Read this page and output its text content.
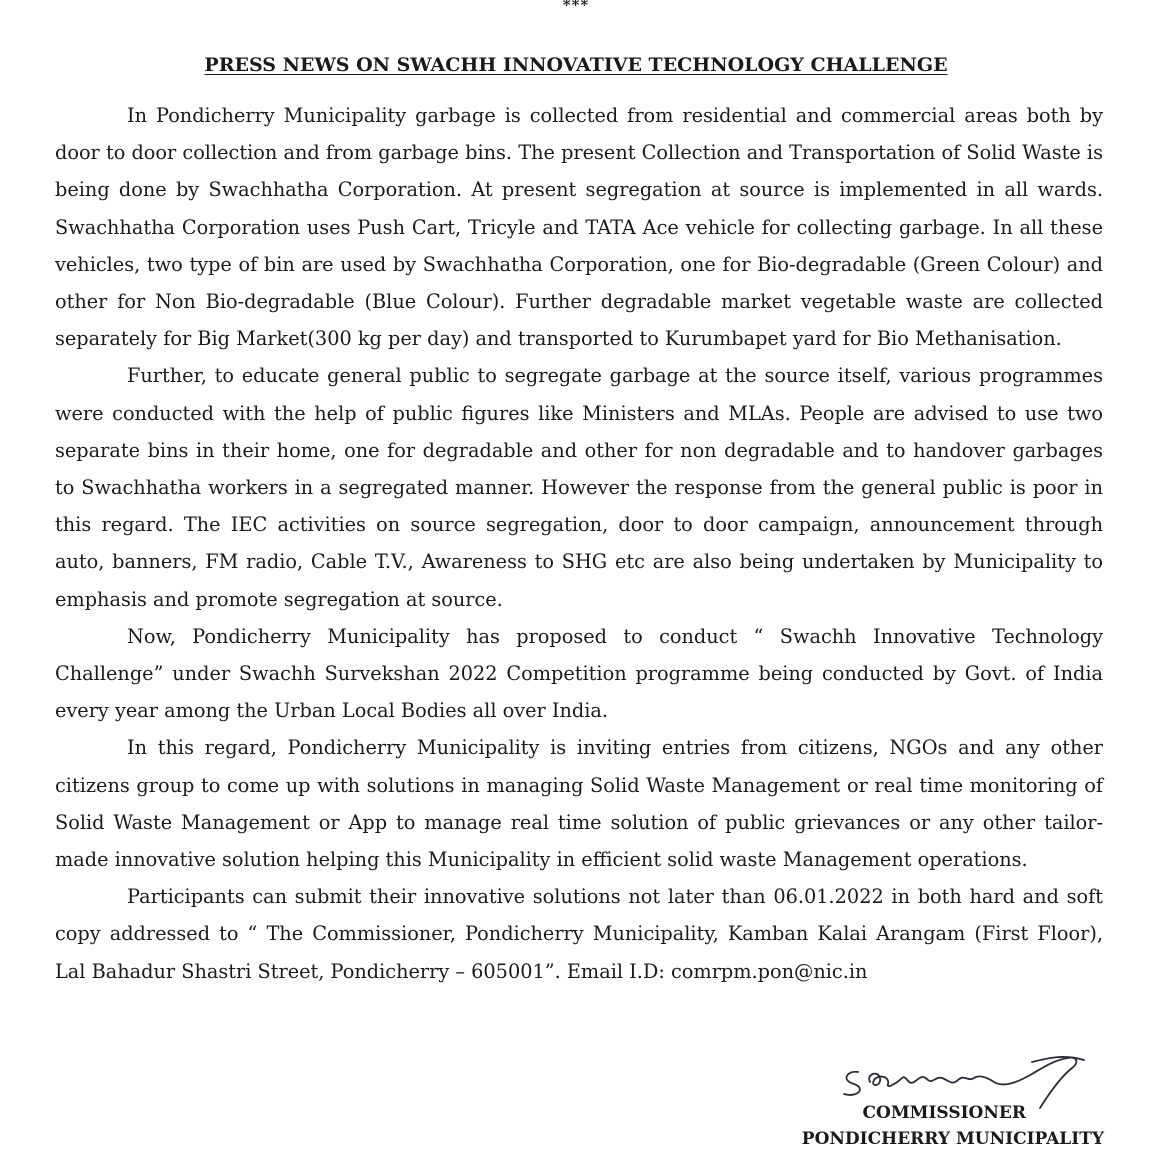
***
PRESS NEWS ON SWACHH INNOVATIVE TECHNOLOGY CHALLENGE

In Pondicherry Municipality garbage is collected from residential and commercial areas both by door to door collection and from garbage bins. The present Collection and Transportation of Solid Waste is being done by Swachhatha Corporation. At present segregation at source is implemented in all wards. Swachhatha Corporation uses Push Cart, Tricyle and TATA Ace vehicle for collecting garbage. In all these vehicles, two type of bin are used by Swachhatha Corporation, one for Bio-degradable (Green Colour) and other for Non Bio-degradable (Blue Colour). Further degradable market vegetable waste are collected separately for Big Market(300 kg per day) and transported to Kurumbapet yard for Bio Methanisation.

Further, to educate general public to segregate garbage at the source itself, various programmes were conducted with the help of public figures like Ministers and MLAs. People are advised to use two separate bins in their home, one for degradable and other for non degradable and to handover garbages to Swachhatha workers in a segregated manner. However the response from the general public is poor in this regard. The IEC activities on source segregation, door to door campaign, announcement through auto, banners, FM radio, Cable T.V., Awareness to SHG etc are also being undertaken by Municipality to emphasis and promote segregation at source.

Now, Pondicherry Municipality has proposed to conduct “ Swachh Innovative Technology Challenge” under Swachh Survekshan 2022 Competition programme being conducted by Govt. of India every year among the Urban Local Bodies all over India.

In this regard, Pondicherry Municipality is inviting entries from citizens, NGOs and any other citizens group to come up with solutions in managing Solid Waste Management or real time monitoring of Solid Waste Management or App to manage real time solution of public grievances or any other tailor- made innovative solution helping this Municipality in efficient solid waste Management operations.

Participants can submit their innovative solutions not later than 06.01.2022 in both hard and soft copy addressed to “ The Commissioner, Pondicherry Municipality, Kamban Kalai Arangam (First Floor), Lal Bahadur Shastri Street, Pondicherry – 605001”. Email I.D: comrpm.pon@nic.in

COMMISSIONER
PONDICHERRY MUNICIPALITY
